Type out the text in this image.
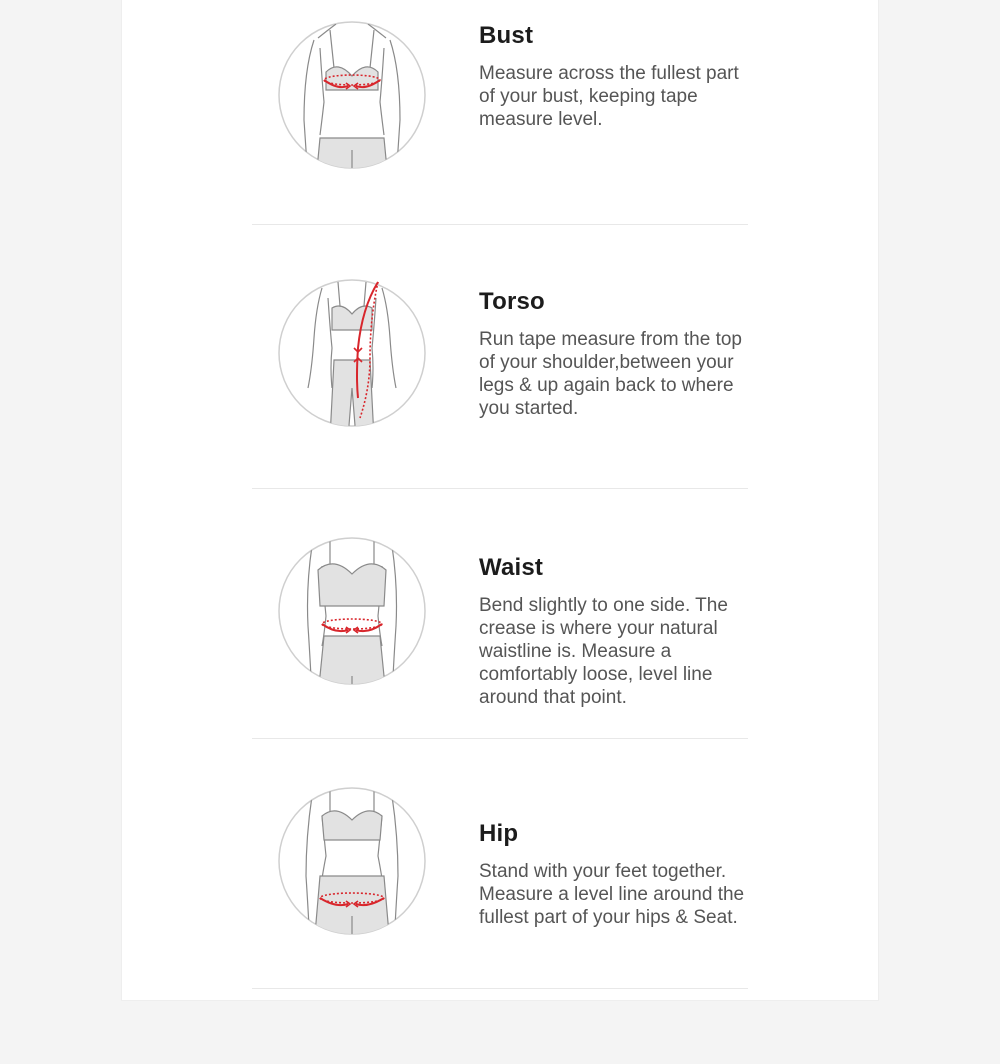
Bust
Measure across the fullest part of your bust, keeping tape measure level.
Torso
Run tape measure from the top of your shoulder,between your legs & up again back to where you started.
Waist
Bend slightly to one side. The crease is where your natural waistline is. Measure a comfortably loose, level line around that point.
Hip
Stand with your feet together. Measure a level line around the fullest part of your hips & Seat.
